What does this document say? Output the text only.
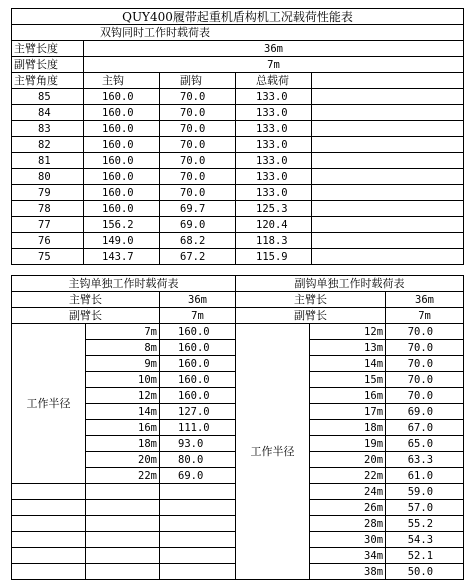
QUY400履带起重机盾构机工况载荷性能表				
双钩同时工作时载荷表				
主臂长度	36m			
副臂长度	7m			
主臂角度	主钩	副钩	总载荷	
85	160.0	70.0	133.0	
84	160.0	70.0	133.0	
83	160.0	70.0	133.0	
82	160.0	70.0	133.0	
81	160.0	70.0	133.0	
80	160.0	70.0	133.0	
79	160.0	70.0	133.0	
78	160.0	69.7	125.3	
77	156.2	69.0	120.4	
76	149.0	68.2	118.3	
75	143.7	67.2	115.9	
主钩单独工作时载荷表			副钩单独工作时载荷表		
主臂长		36m	主臂长		36m
副臂长		7m	副臂长		7m
工作半径	7m	160.0	工作半径	12m	70.0
	8m	160.0		13m	70.0
	9m	160.0		14m	70.0
	10m	160.0		15m	70.0
	12m	160.0		16m	70.0
	14m	127.0		17m	69.0
	16m	111.0		18m	67.0
	18m	93.0		19m	65.0
	20m	80.0		20m	63.3
	22m	69.0		22m	61.0
				24m	59.0
				26m	57.0
				28m	55.2
				30m	54.3
				34m	52.1
				38m	50.0
